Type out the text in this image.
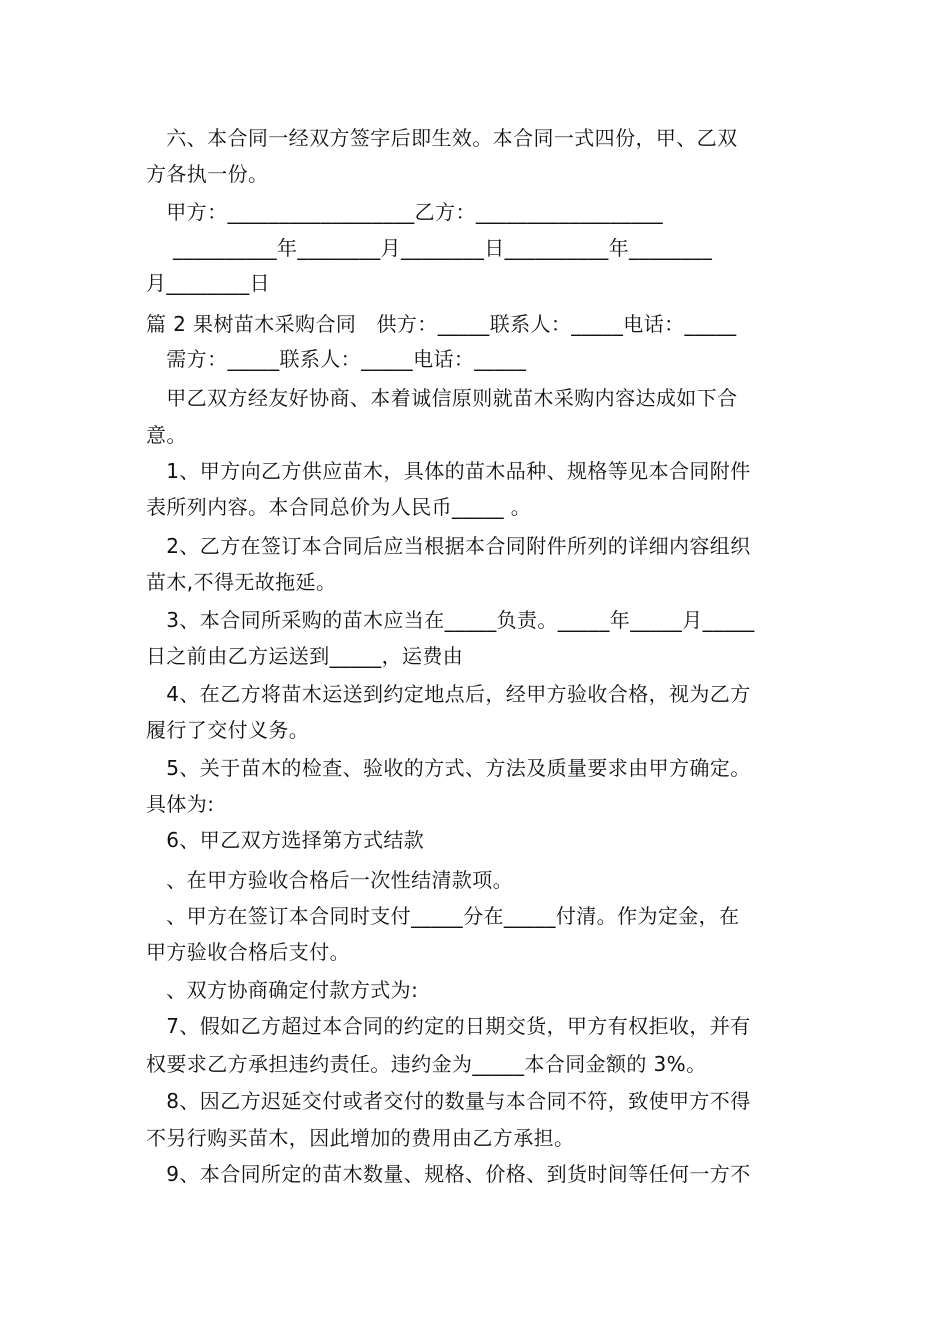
六、本合同一经双方签字后即生效。本合同一式四份，甲、乙双

方各执一份。

甲方：__________________乙方：__________________

__________年________月________日__________年________

月________日

篇 2 果树苗木采购合同   供方：_____联系人：_____电话：_____

需方：_____联系人：_____电话：_____

甲乙双方经友好协商、本着诚信原则就苗木采购内容达成如下合

意。

1、甲方向乙方供应苗木，具体的苗木品种、规格等见本合同附件

表所列内容。本合同总价为人民币_____ 。

2、乙方在签订本合同后应当根据本合同附件所列的详细内容组织

苗木,不得无故拖延。

3、本合同所采购的苗木应当在_____负责。_____年_____月_____

日之前由乙方运送到_____，运费由

4、在乙方将苗木运送到约定地点后，经甲方验收合格，视为乙方

履行了交付义务。

5、关于苗木的检查、验收的方式、方法及质量要求由甲方确定。

具体为:

6、甲乙双方选择第方式结款

、在甲方验收合格后一次性结清款项。

、甲方在签订本合同时支付_____分在_____付清。作为定金，在

甲方验收合格后支付。

、双方协商确定付款方式为:

7、假如乙方超过本合同的约定的日期交货，甲方有权拒收，并有

权要求乙方承担违约责任。违约金为_____本合同金额的 3%。

8、因乙方迟延交付或者交付的数量与本合同不符，致使甲方不得

不另行购买苗木，因此增加的费用由乙方承担。

9、本合同所定的苗木数量、规格、价格、到货时间等任何一方不
